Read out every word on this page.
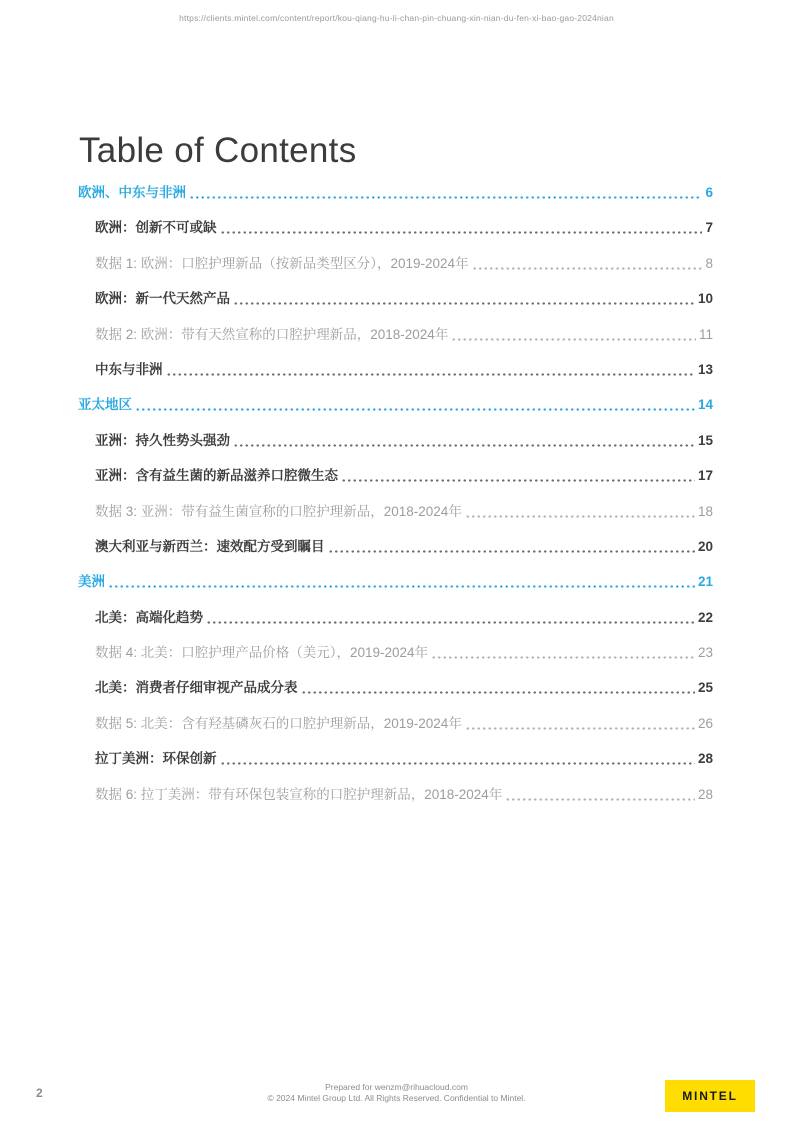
https://clients.mintel.com/content/report/kou-qiang-hu-li-chan-pin-chuang-xin-nian-du-fen-xi-bao-gao-2024nian
Table of Contents
欧洲、中东与非洲	6
欧洲：创新不可或缺	7
数据 1: 欧洲：口腔护理新品（按新品类型区分），2019-2024年	8
欧洲：新一代天然产品	10
数据 2: 欧洲：带有天然宣称的口腔护理新品，2018-2024年	11
中东与非洲	13
亚太地区	14
亚洲：持久性势头强劲	15
亚洲：含有益生菌的新品滋养口腔微生态	17
数据 3: 亚洲：带有益生菌宣称的口腔护理新品，2018-2024年	18
澳大利亚与新西兰：速效配方受到瞩目	20
美洲	21
北美：高端化趋势	22
数据 4: 北美：口腔护理产品价格（美元），2019-2024年	23
北美：消费者仔细审视产品成分表	25
数据 5: 北美：含有羟基磷灰石的口腔护理新品，2019-2024年	26
拉丁美洲：环保创新	28
数据 6: 拉丁美洲：带有环保包装宣称的口腔护理新品，2018-2024年	28
2	Prepared for wenzm@rihuacloud.com
© 2024 Mintel Group Ltd. All Rights Reserved. Confidential to Mintel.	MINTEL
